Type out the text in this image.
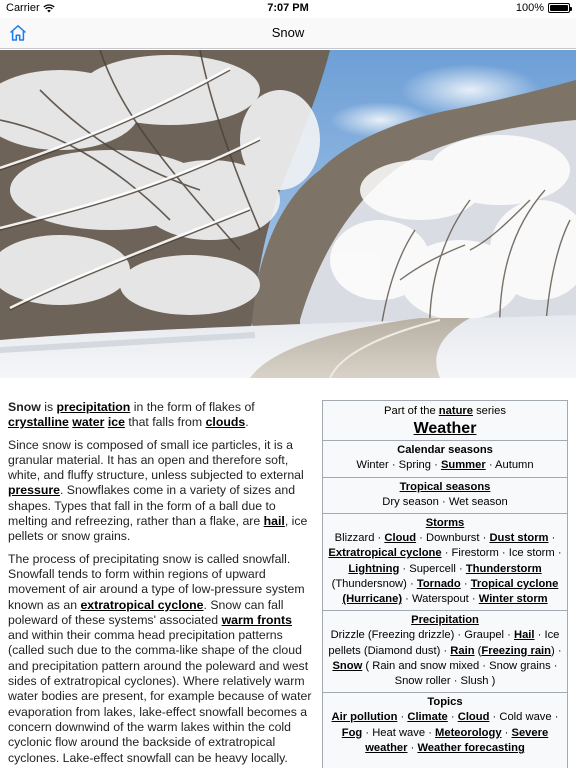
Carrier	7:07 PM	100%
Snow

Snow is precipitation in the form of flakes of crystalline water ice that falls from clouds.

Since snow is composed of small ice particles, it is a granular material. It has an open and therefore soft, white, and fluffy structure, unless subjected to external pressure. Snowflakes come in a variety of sizes and shapes. Types that fall in the form of a ball due to melting and refreezing, rather than a flake, are hail, ice pellets or snow grains.

The process of precipitating snow is called snowfall. Snowfall tends to form within regions of upward movement of air around a type of low-pressure system known as an extratropical cyclone. Snow can fall poleward of these systems' associated warm fronts and within their comma head precipitation patterns (called such due to the comma-like shape of the cloud and precipitation pattern around the poleward and west sides of extratropical cyclones). Where relatively warm water bodies are present, for example because of water evaporation from lakes, lake-effect snowfall becomes a concern downwind of the warm lakes within the cold cyclonic flow around the backside of extratropical cyclones. Lake-effect snowfall can be heavy locally.

Part of the nature series
Weather
Calendar seasons
Winter · Spring · Summer · Autumn
Tropical seasons
Dry season · Wet season
Storms
Blizzard · Cloud · Downburst · Dust storm · Extratropical cyclone · Firestorm · Ice storm · Lightning · Supercell · Thunderstorm (Thundersnow) · Tornado · Tropical cyclone (Hurricane) · Waterspout · Winter storm
Precipitation
Drizzle (Freezing drizzle) · Graupel · Hail · Ice pellets (Diamond dust) · Rain (Freezing rain) · Snow ( Rain and snow mixed · Snow grains · Snow roller · Slush )
Topics
Air pollution · Climate · Cloud · Cold wave · Fog · Heat wave · Meteorology · Severe weather · Weather forecasting
